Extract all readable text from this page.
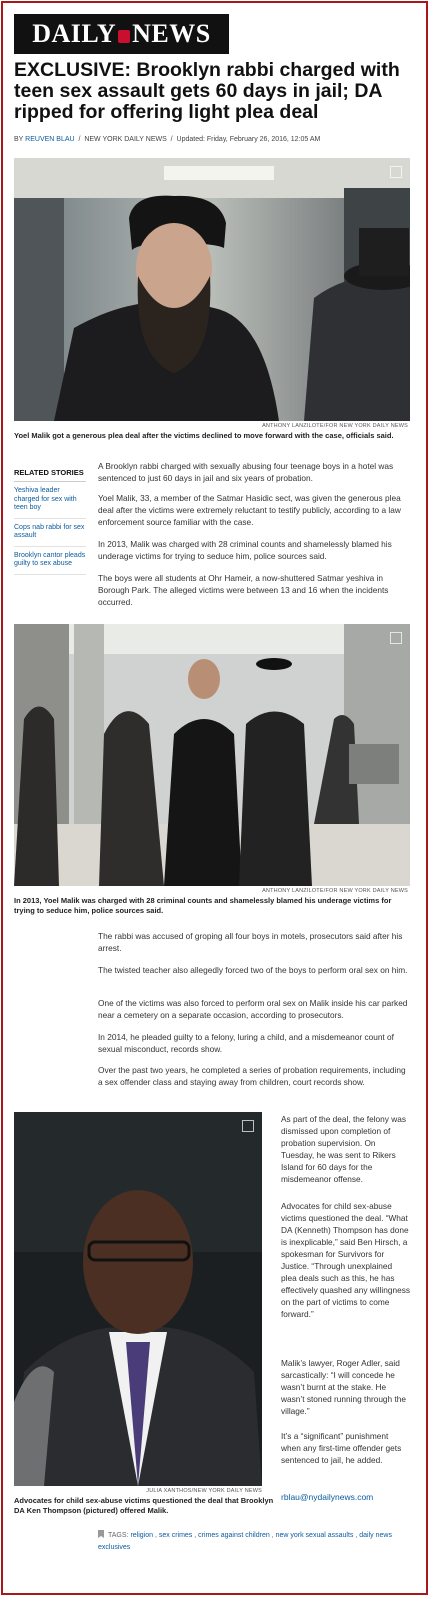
DAILY NEWS
EXCLUSIVE: Brooklyn rabbi charged with teen sex assault gets 60 days in jail; DA ripped for offering light plea deal
BY REUVEN BLAU / NEW YORK DAILY NEWS / Updated: Friday, February 26, 2016, 12:05 AM
ANTHONY LANZILOTE/FOR NEW YORK DAILY NEWS
Yoel Malik got a generous plea deal after the victims declined to move forward with the case, officials said.
RELATED STORIES
Yeshiva leader charged for sex with teen boy
Cops nab rabbi for sex assault
Brooklyn cantor pleads guilty to sex abuse

A Brooklyn rabbi charged with sexually abusing four teenage boys in a hotel was sentenced to just 60 days in jail and six years of probation.

Yoel Malik, 33, a member of the Satmar Hasidic sect, was given the generous plea deal after the victims were extremely reluctant to testify publicly, according to a law enforcement source familiar with the case.

In 2013, Malik was charged with 28 criminal counts and shamelessly blamed his underage victims for trying to seduce him, police sources said.

The boys were all students at Ohr Hameir, a now-shuttered Satmar yeshiva in Borough Park. The alleged victims were between 13 and 16 when the incidents occurred.

ANTHONY LANZILOTE/FOR NEW YORK DAILY NEWS
In 2013, Yoel Malik was charged with 28 criminal counts and shamelessly blamed his underage victims for trying to seduce him, police sources said.

The rabbi was accused of groping all four boys in motels, prosecutors said after his arrest.

The twisted teacher also allegedly forced two of the boys to perform oral sex on him.

One of the victims was also forced to perform oral sex on Malik inside his car parked near a cemetery on a separate occasion, according to prosecutors.

In 2014, he pleaded guilty to a felony, luring a child, and a misdemeanor count of sexual misconduct, records show.

Over the past two years, he completed a series of probation requirements, including a sex offender class and staying away from children, court records show.

JULIA XANTHOS/NEW YORK DAILY NEWS
Advocates for child sex-abuse victims questioned the deal that Brooklyn DA Ken Thompson (pictured) offered Malik.

As part of the deal, the felony was dismissed upon completion of probation supervision. On Tuesday, he was sent to Rikers Island for 60 days for the misdemeanor offense.

Advocates for child sex-abuse victims questioned the deal. “What DA (Kenneth) Thompson has done is inexplicable,” said Ben Hirsch, a spokesman for Survivors for Justice. “Through unexplained plea deals such as this, he has effectively quashed any willingness on the part of victims to come forward.”

Malik’s lawyer, Roger Adler, said sarcastically: “I will concede he wasn’t burnt at the stake. He wasn’t stoned running through the village.”

It’s a “significant” punishment when any first-time offender gets sentenced to jail, he added.

rblau@nydailynews.com
TAGS: religion , sex crimes , crimes against children , new york sexual assaults , daily news exclusives
